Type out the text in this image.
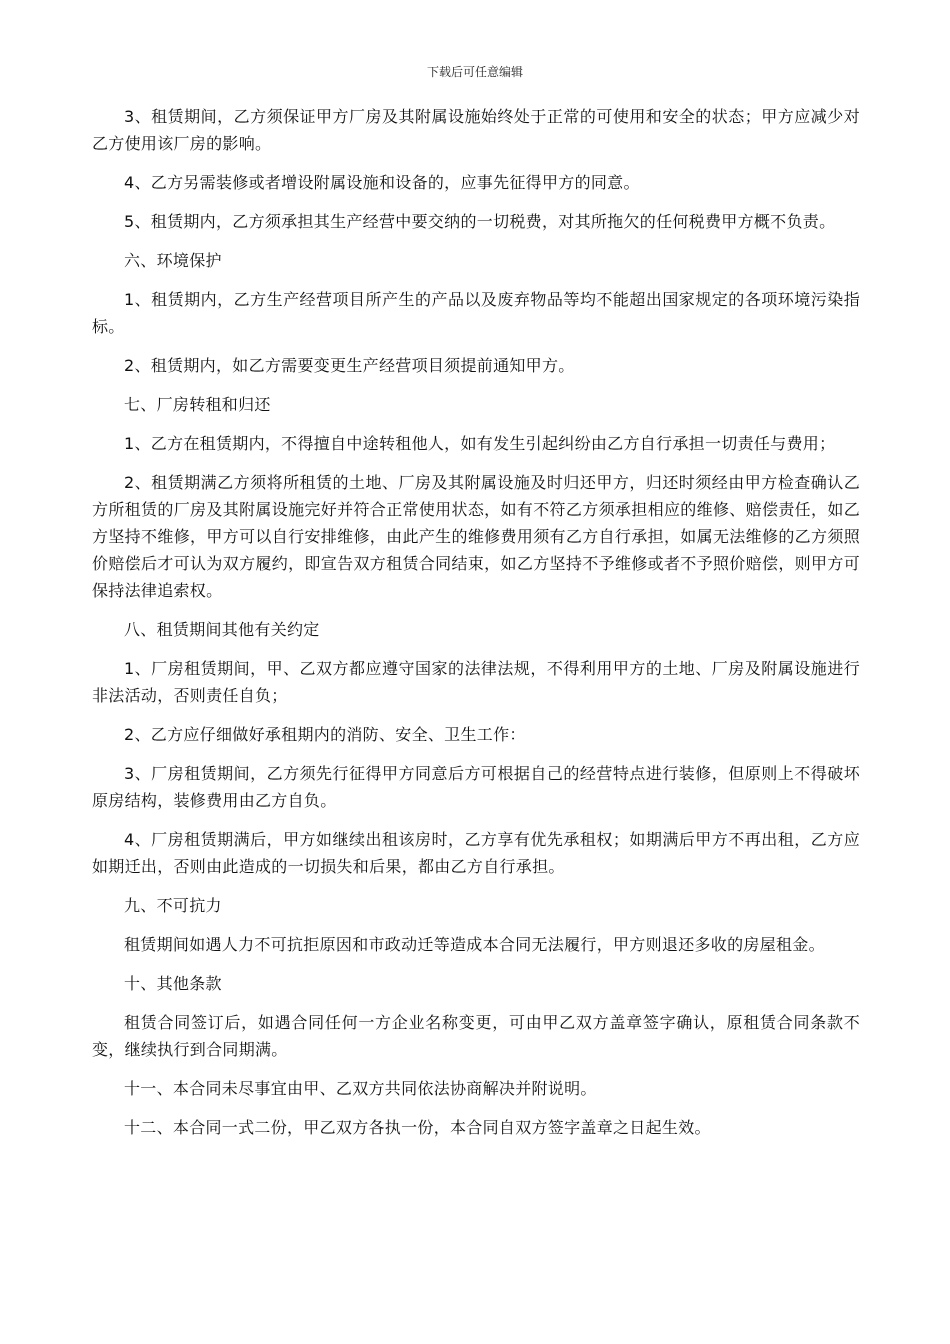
下载后可任意编辑

3、租赁期间，乙方须保证甲方厂房及其附属设施始终处于正常的可使用和安全的状态；甲方应减少对乙方使用该厂房的影响。

4、乙方另需装修或者增设附属设施和设备的，应事先征得甲方的同意。

5、租赁期内，乙方须承担其生产经营中要交纳的一切税费，对其所拖欠的任何税费甲方概不负责。

六、环境保护

1、租赁期内，乙方生产经营项目所产生的产品以及废弃物品等均不能超出国家规定的各项环境污染指标。

2、租赁期内，如乙方需要变更生产经营项目须提前通知甲方。

七、厂房转租和归还

1、乙方在租赁期内，不得擅自中途转租他人，如有发生引起纠纷由乙方自行承担一切责任与费用；

2、租赁期满乙方须将所租赁的土地、厂房及其附属设施及时归还甲方，归还时须经由甲方检查确认乙方所租赁的厂房及其附属设施完好并符合正常使用状态，如有不符乙方须承担相应的维修、赔偿责任，如乙方坚持不维修，甲方可以自行安排维修，由此产生的维修费用须有乙方自行承担，如属无法维修的乙方须照价赔偿后才可认为双方履约，即宣告双方租赁合同结束，如乙方坚持不予维修或者不予照价赔偿，则甲方可保持法律追索权。

八、租赁期间其他有关约定

1、厂房租赁期间，甲、乙双方都应遵守国家的法律法规，不得利用甲方的土地、厂房及附属设施进行非法活动，否则责任自负；

2、乙方应仔细做好承租期内的消防、安全、卫生工作：

3、厂房租赁期间，乙方须先行征得甲方同意后方可根据自己的经营特点进行装修，但原则上不得破坏原房结构，装修费用由乙方自负。

4、厂房租赁期满后，甲方如继续出租该房时，乙方享有优先承租权；如期满后甲方不再出租，乙方应如期迁出，否则由此造成的一切损失和后果，都由乙方自行承担。

九、不可抗力

租赁期间如遇人力不可抗拒原因和市政动迁等造成本合同无法履行，甲方则退还多收的房屋租金。

十、其他条款

租赁合同签订后，如遇合同任何一方企业名称变更，可由甲乙双方盖章签字确认，原租赁合同条款不变，继续执行到合同期满。

十一、本合同未尽事宜由甲、乙双方共同依法协商解决并附说明。

十二、本合同一式二份，甲乙双方各执一份，本合同自双方签字盖章之日起生效。
